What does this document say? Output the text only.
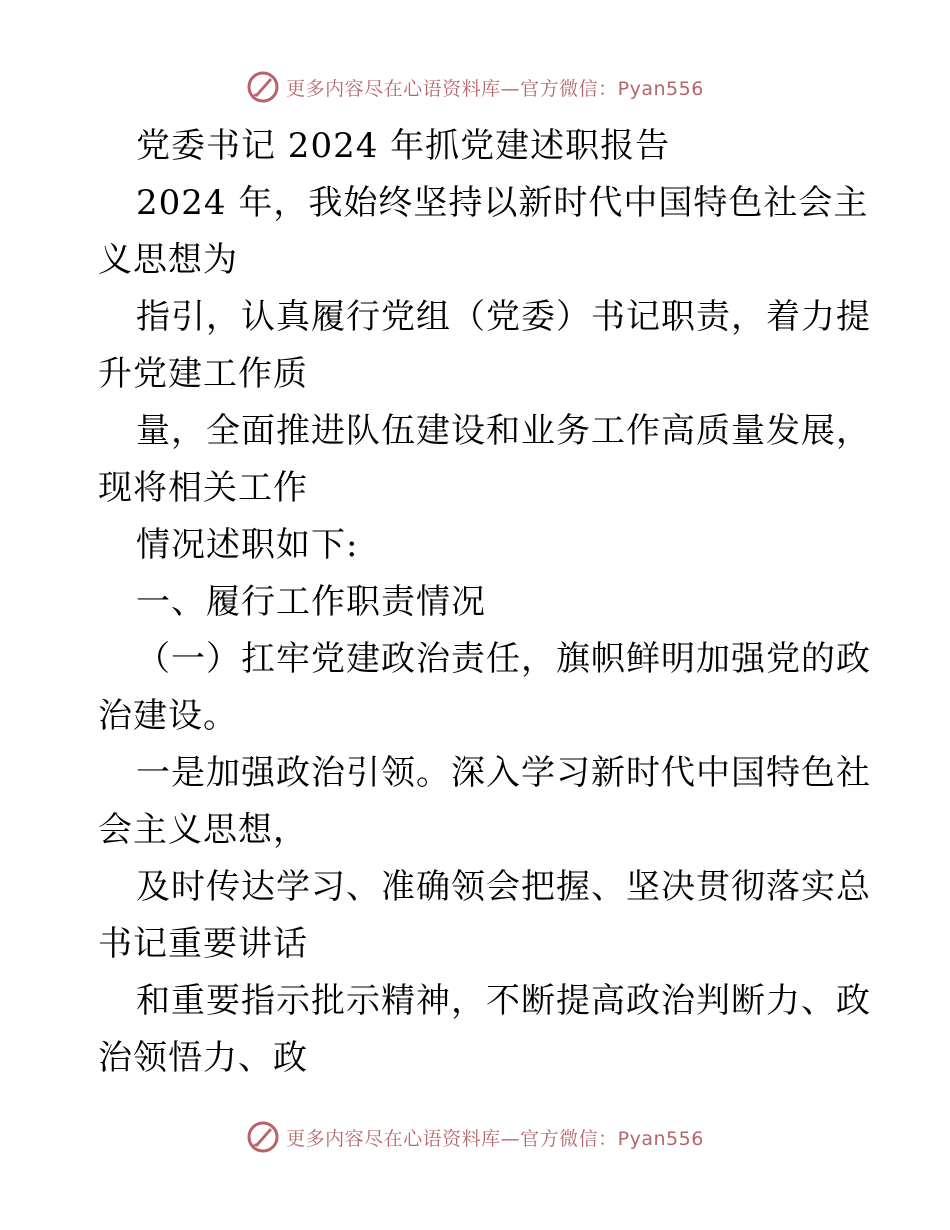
更多内容尽在心语资料库—官方微信：Pyan556
党委书记 2024 年抓党建述职报告
2024 年，我始终坚持以新时代中国特色社会主
义思想为
指引，认真履行党组（党委）书记职责，着力提
升党建工作质
量，全面推进队伍建设和业务工作高质量发展，
现将相关工作
情况述职如下:
一、履行工作职责情况
（一）扛牢党建政治责任，旗帜鲜明加强党的政
治建设。
一是加强政治引领。深入学习新时代中国特色社
会主义思想，
及时传达学习、准确领会把握、坚决贯彻落实总
书记重要讲话
和重要指示批示精神，不断提高政治判断力、政
治领悟力、政
更多内容尽在心语资料库—官方微信：Pyan556
